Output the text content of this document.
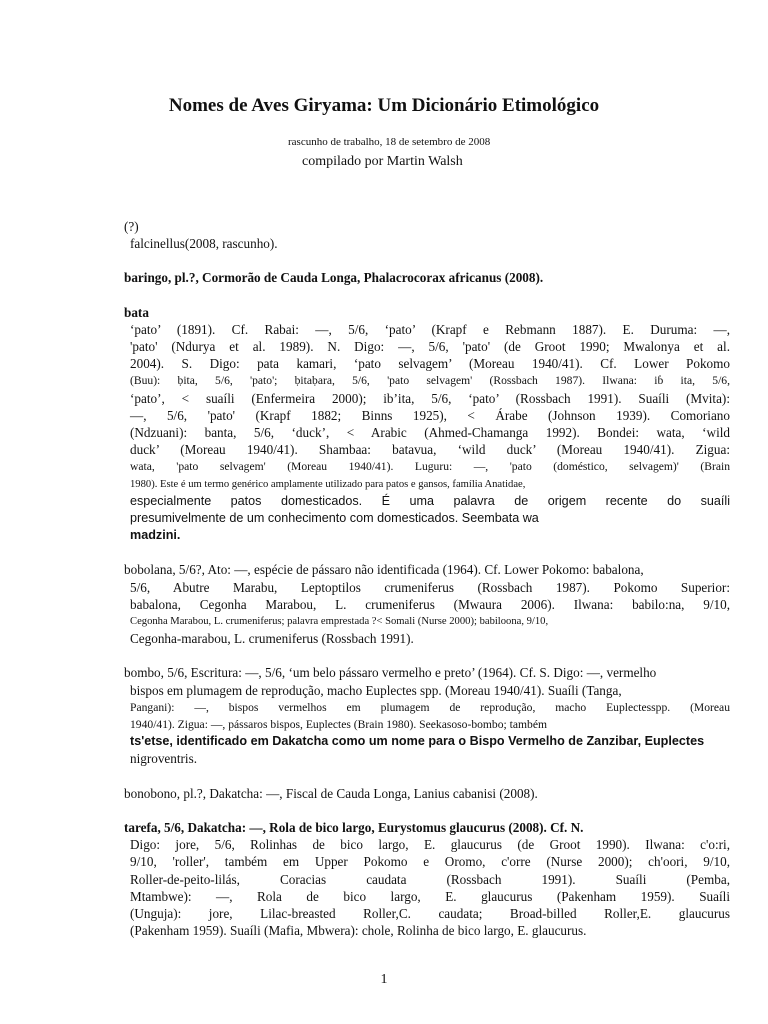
Nomes de Aves Giryama: Um Dicionário Etimológico
rascunho de trabalho, 18 de setembro de 2008
compilado por Martin Walsh
(?)
falcinellus(2008, rascunho).
baringo, pl.?, Cormorão de Cauda Longa, Phalacrocorax africanus (2008).
bata
‘pato’ (1891). Cf. Rabai: —, 5/6, ‘pato’ (Krapf e Rebmann 1887). E. Duruma: —,
'pato' (Ndurya et al. 1989). N. Digo: —, 5/6, 'pato' (de Groot 1990; Mwalonya et al.
2004). S. Digo: pata kamari, ‘pato selvagem’ (Moreau 1940/41). Cf. Lower Pokomo
(Buu): ḅita, 5/6, 'pato'; ḅitaḅara, 5/6, 'pato selvagem' (Rossbach 1987). Ilwana: iɓ ita, 5/6,
‘pato’, < suaíli (Enfermeira 2000); ib’ita, 5/6, ‘pato’ (Rossbach 1991). Suaíli (Mvita):
—, 5/6, 'pato' (Krapf 1882; Binns 1925), < Árabe (Johnson 1939). Comoriano
(Ndzuani): banta, 5/6, ‘duck’, < Arabic (Ahmed-Chamanga 1992). Bondei: wata, ‘wild
duck’ (Moreau 1940/41). Shambaa: batavua, ‘wild duck’ (Moreau 1940/41). Zigua:
wata, 'pato selvagem' (Moreau 1940/41). Luguru: —, 'pato (doméstico, selvagem)' (Brain
1980). Este é um termo genérico amplamente utilizado para patos e gansos, família Anatidae,
especialmente patos domesticados. É uma palavra de origem recente do suaíli
presumivelmente de um conhecimento com domesticados. Seembata wa
madzini.
bobolana, 5/6?, Ato: —, espécie de pássaro não identificada (1964). Cf. Lower Pokomo: babalona,
5/6, Abutre Marabu, Leptoptilos crumeniferus (Rossbach 1987). Pokomo Superior:
babalona, Cegonha Marabou, L. crumeniferus (Mwaura 2006). Ilwana: babilo:na, 9/10,
Cegonha Marabou, L. crumeniferus; palavra emprestada ?< Somali (Nurse 2000); babiloona, 9/10,
Cegonha-marabou, L. crumeniferus (Rossbach 1991).
bombo, 5/6, Escritura: —, 5/6, ‘um belo pássaro vermelho e preto’ (1964). Cf. S. Digo: —, vermelho
bispos em plumagem de reprodução, macho Euplectes spp. (Moreau 1940/41). Suaíli (Tanga,
Pangani): —, bispos vermelhos em plumagem de reprodução, macho Euplectesspp. (Moreau
1940/41). Zigua: —, pássaros bispos, Euplectes (Brain 1980). Seekasoso-bombo; também
ts'etse, identificado em Dakatcha como um nome para o Bispo Vermelho de Zanzibar, Euplectes
nigroventris.
bonobono, pl.?, Dakatcha: —, Fiscal de Cauda Longa, Lanius cabanisi (2008).
tarefa, 5/6, Dakatcha: —, Rola de bico largo, Eurystomus glaucurus (2008). Cf. N.
Digo: jore, 5/6, Rolinhas de bico largo, E. glaucurus (de Groot 1990). Ilwana: c'o:ri,
9/10, 'roller', também em Upper Pokomo e Oromo, c'orre (Nurse 2000); ch'oori, 9/10,
Roller-de-peito-lilás, Coracias caudata (Rossbach 1991). Suaíli (Pemba,
Mtambwe): —, Rola de bico largo, E. glaucurus (Pakenham 1959). Suaíli
(Unguja): jore, Lilac-breasted Roller,C. caudata; Broad-billed Roller,E. glaucurus
(Pakenham 1959). Suaíli (Mafia, Mbwera): chole, Rolinha de bico largo, E. glaucurus.
1
